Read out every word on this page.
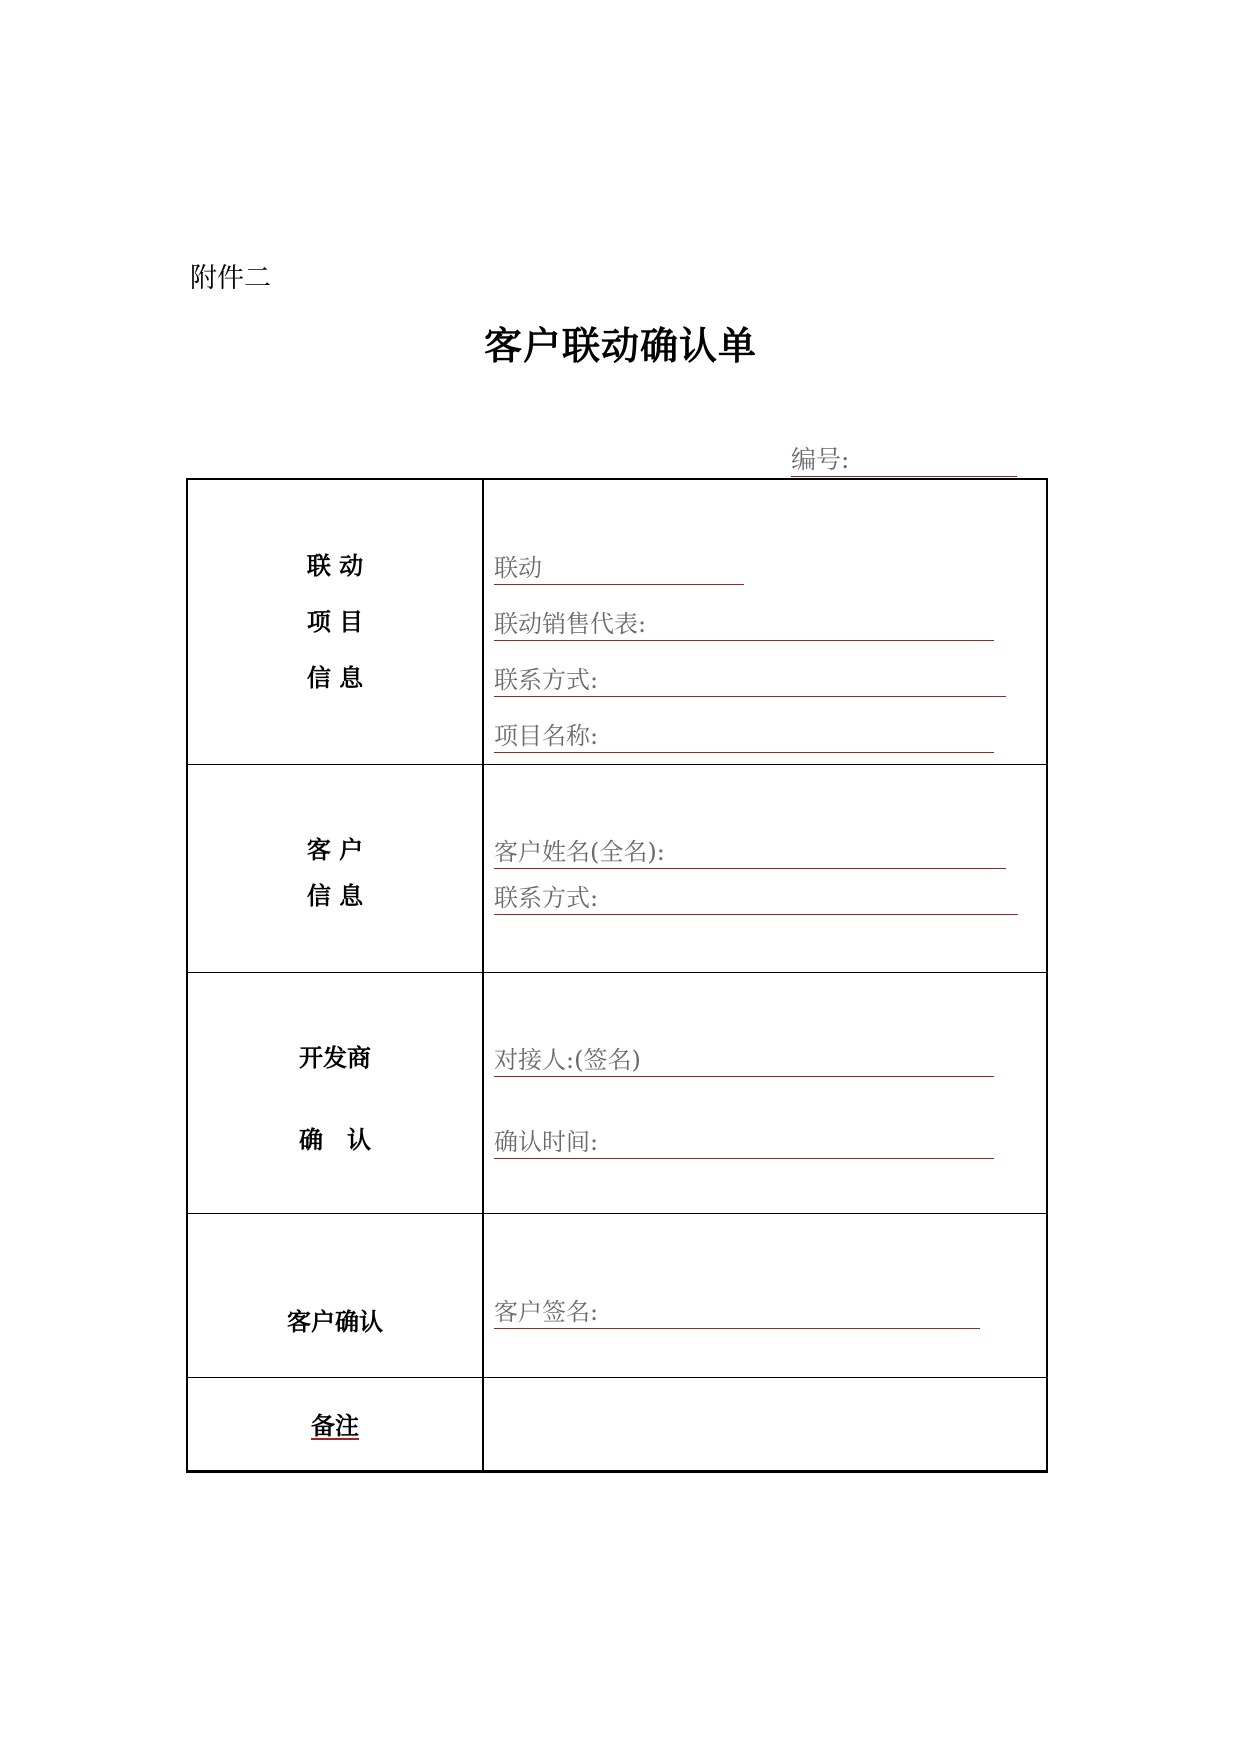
附件二
客户联动确认单
编号:
联 动
项 目
信 息
联动
联动销售代表:
联系方式:
项目名称:
客 户
信 息
客户姓名(全名):
联系方式:
开发商
确　认
对接人:(签名)
确认时间:
客户确认	客户签名:
备注
